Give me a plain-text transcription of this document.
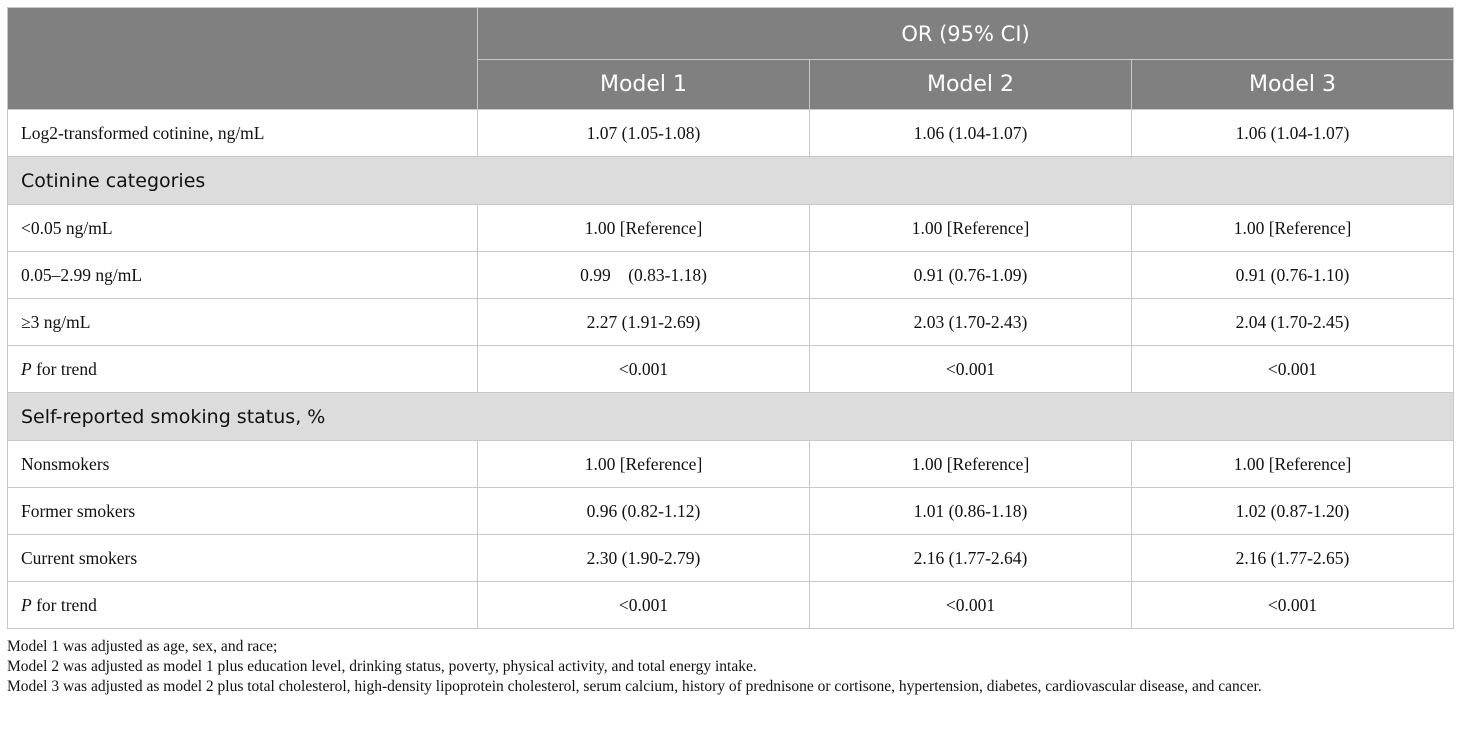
	OR (95% CI)		
	Model 1	Model 2	Model 3
Log2-transformed cotinine, ng/mL	1.07 (1.05-1.08)	1.06 (1.04-1.07)	1.06 (1.04-1.07)
Cotinine categories			
<0.05 ng/mL	1.00 [Reference]	1.00 [Reference]	1.00 [Reference]
0.05–2.99 ng/mL	0.99    (0.83-1.18)	0.91 (0.76-1.09)	0.91 (0.76-1.10)
≥3 ng/mL	2.27 (1.91-2.69)	2.03 (1.70-2.43)	2.04 (1.70-2.45)
P for trend	<0.001	<0.001	<0.001
Self-reported smoking status, %			
Nonsmokers	1.00 [Reference]	1.00 [Reference]	1.00 [Reference]
Former smokers	0.96 (0.82-1.12)	1.01 (0.86-1.18)	1.02 (0.87-1.20)
Current smokers	2.30 (1.90-2.79)	2.16 (1.77-2.64)	2.16 (1.77-2.65)
P for trend	<0.001	<0.001	<0.001

Model 1 was adjusted as age, sex, and race;

Model 2 was adjusted as model 1 plus education level, drinking status, poverty, physical activity, and total energy intake.

Model 3 was adjusted as model 2 plus total cholesterol, high-density lipoprotein cholesterol, serum calcium, history of prednisone or cortisone, hypertension, diabetes, cardiovascular disease, and cancer.
